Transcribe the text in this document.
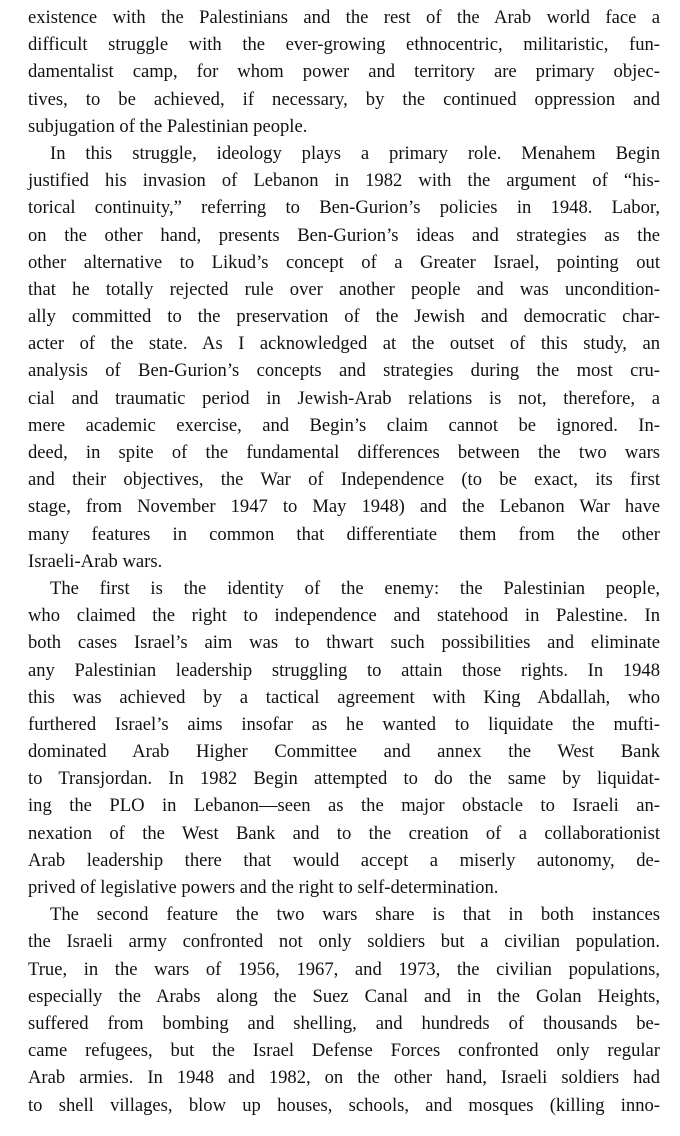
existence with the Palestinians and the rest of the Arab world face a
difficult struggle with the ever-growing ethnocentric, militaristic, fun-
damentalist camp, for whom power and territory are primary objec-
tives, to be achieved, if necessary, by the continued oppression and
subjugation of the Palestinian people.
In this struggle, ideology plays a primary role. Menahem Begin
justified his invasion of Lebanon in 1982 with the argument of “his-
torical continuity,” referring to Ben-Gurion’s policies in 1948. Labor,
on the other hand, presents Ben-Gurion’s ideas and strategies as the
other alternative to Likud’s concept of a Greater Israel, pointing out
that he totally rejected rule over another people and was uncondition-
ally committed to the preservation of the Jewish and democratic char-
acter of the state. As I acknowledged at the outset of this study, an
analysis of Ben-Gurion’s concepts and strategies during the most cru-
cial and traumatic period in Jewish-Arab relations is not, therefore, a
mere academic exercise, and Begin’s claim cannot be ignored. In-
deed, in spite of the fundamental differences between the two wars
and their objectives, the War of Independence (to be exact, its first
stage, from November 1947 to May 1948) and the Lebanon War have
many features in common that differentiate them from the other
Israeli-Arab wars.
The first is the identity of the enemy: the Palestinian people,
who claimed the right to independence and statehood in Palestine. In
both cases Israel’s aim was to thwart such possibilities and eliminate
any Palestinian leadership struggling to attain those rights. In 1948
this was achieved by a tactical agreement with King Abdallah, who
furthered Israel’s aims insofar as he wanted to liquidate the mufti-
dominated Arab Higher Committee and annex the West Bank
to Transjordan. In 1982 Begin attempted to do the same by liquidat-
ing the PLO in Lebanon—seen as the major obstacle to Israeli an-
nexation of the West Bank and to the creation of a collaborationist
Arab leadership there that would accept a miserly autonomy, de-
prived of legislative powers and the right to self-determination.
The second feature the two wars share is that in both instances
the Israeli army confronted not only soldiers but a civilian population.
True, in the wars of 1956, 1967, and 1973, the civilian populations,
especially the Arabs along the Suez Canal and in the Golan Heights,
suffered from bombing and shelling, and hundreds of thousands be-
came refugees, but the Israel Defense Forces confronted only regular
Arab armies. In 1948 and 1982, on the other hand, Israeli soldiers had
to shell villages, blow up houses, schools, and mosques (killing inno-
